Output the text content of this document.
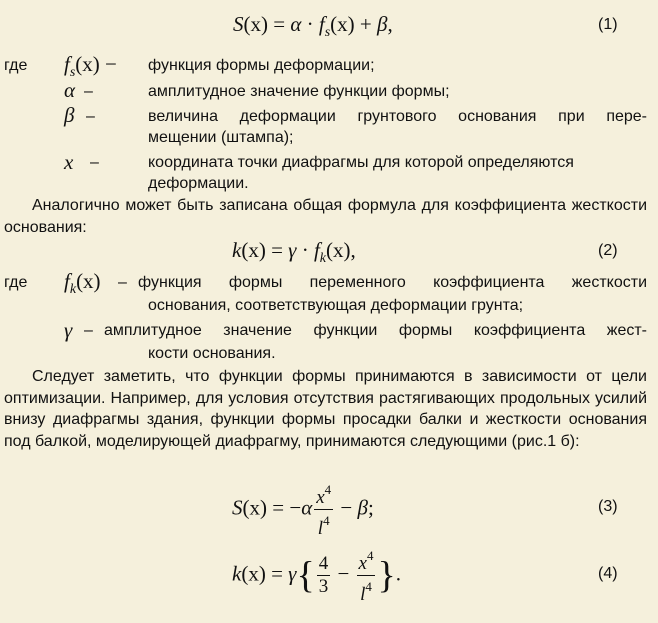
$S(x) = \alpha \cdot f_s(x) + \beta$,	(1)
где $f_s(x)$ − функция формы деформации;
α –	амплитудное значение функции формы;
β –	величина деформации грунтового основания при пере-
мещении (штампа);
x –	координата точки диафрагмы для которой определяются
деформации.
Аналогично может быть записана общая формула для коэффициента жесткости основания:
$k(x) = \gamma \cdot f_k(x)$,	(2)
где $f_k(x)$ – функция формы переменного коэффициента жесткости
основания, соответствующая деформации грунта;
γ – амплитудное значение функции формы коэффициента жест-
кости основания.
Следует заметить, что функции формы принимаются в зависимости от цели оптимизации. Например, для условия отсутствия растягивающих продольных усилий внизу диафрагмы здания, функции формы просадки балки и жесткости основания под балкой, моделирующей диафрагму, принимаются следующими (рис.1 б):
$S(x) = -\alpha \frac{x^4}{l^4} - \beta$;	(3)
$k(x) = \gamma\{ \frac{4}{3} - \frac{x^4}{l^4}$ }.	(4)
